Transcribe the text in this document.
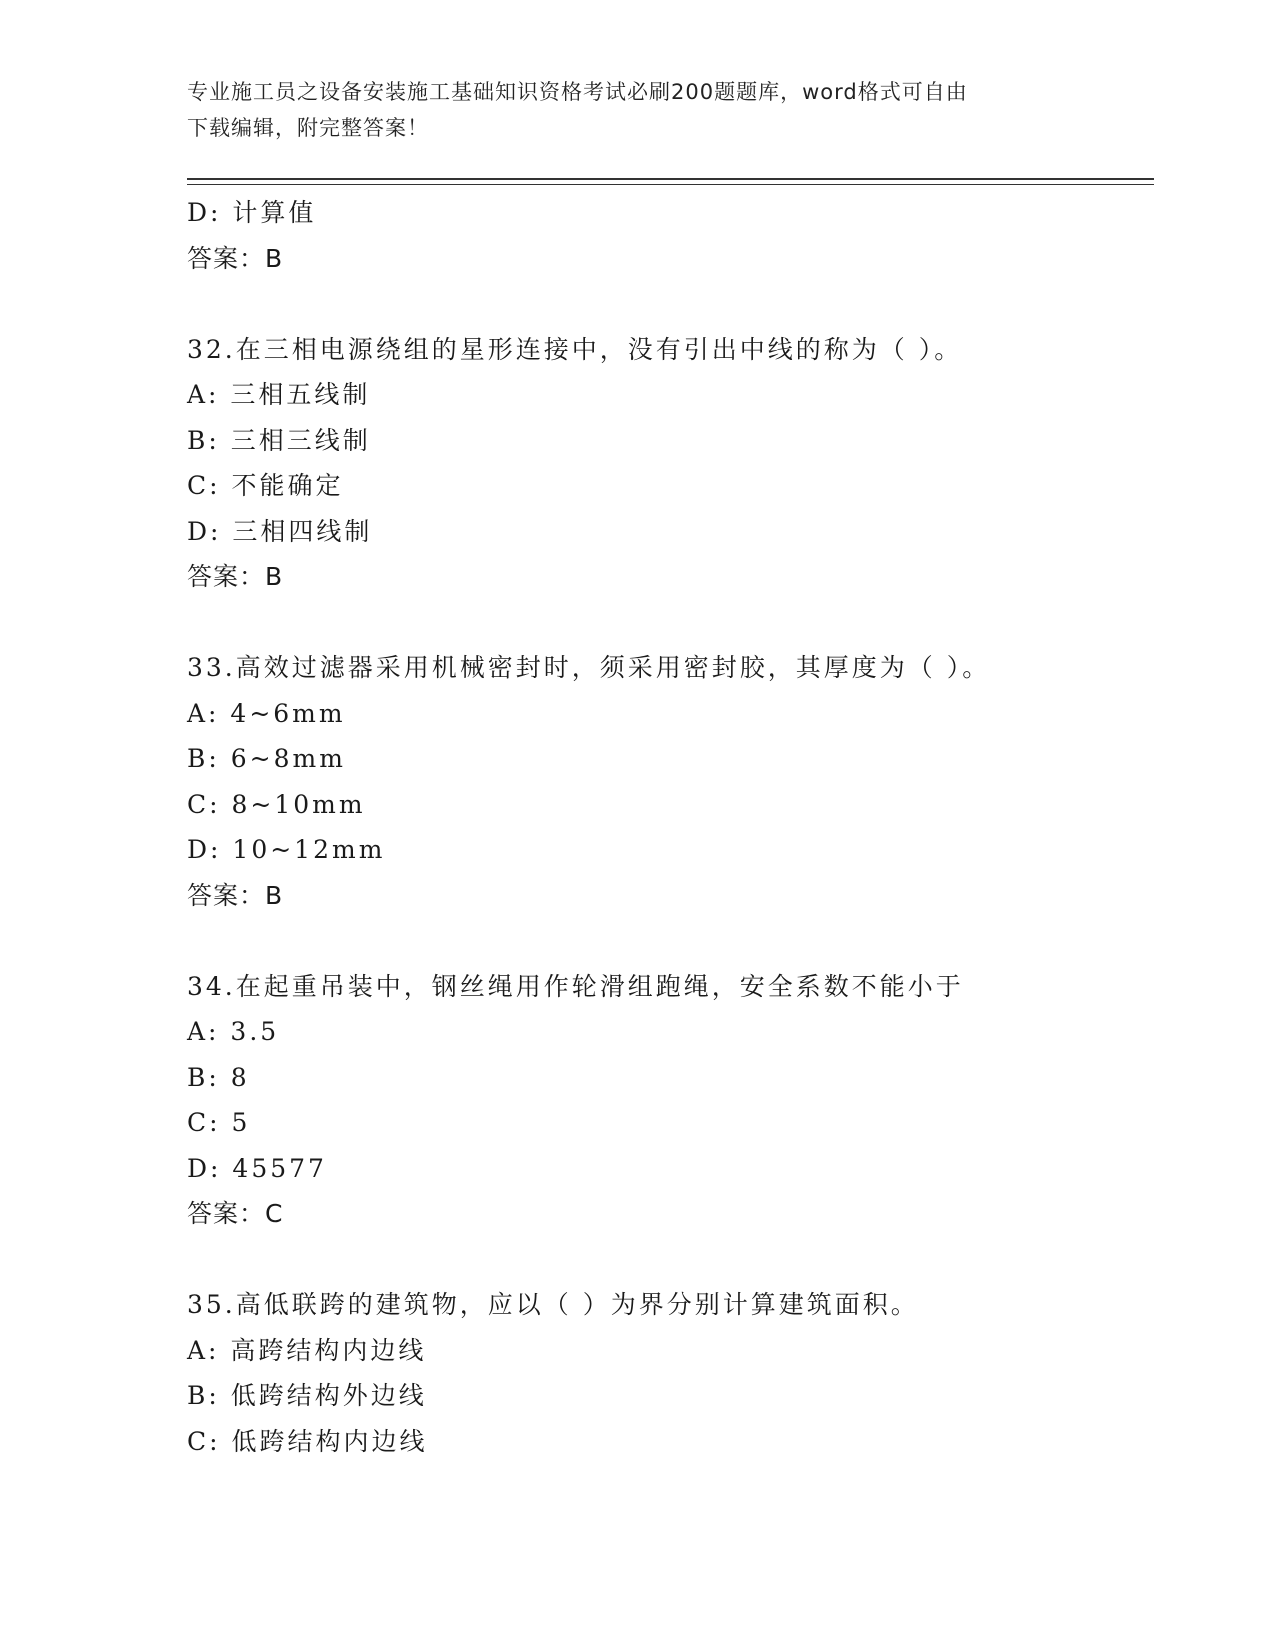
专业施工员之设备安装施工基础知识资格考试必刷200题题库，word格式可自由
下载编辑，附完整答案！
D: 计算值
答案：B
32.在三相电源绕组的星形连接中，没有引出中线的称为（ ）。
A: 三相五线制
B: 三相三线制
C: 不能确定
D: 三相四线制
答案：B
33.高效过滤器采用机械密封时，须采用密封胶，其厚度为（ ）。
A: 4~6mm
B: 6~8mm
C: 8~10mm
D: 10~12mm
答案：B
34.在起重吊装中，钢丝绳用作轮滑组跑绳，安全系数不能小于
A: 3.5
B: 8
C: 5
D: 45577
答案：C
35.高低联跨的建筑物，应以（ ）为界分别计算建筑面积。
A: 高跨结构内边线
B: 低跨结构外边线
C: 低跨结构内边线
